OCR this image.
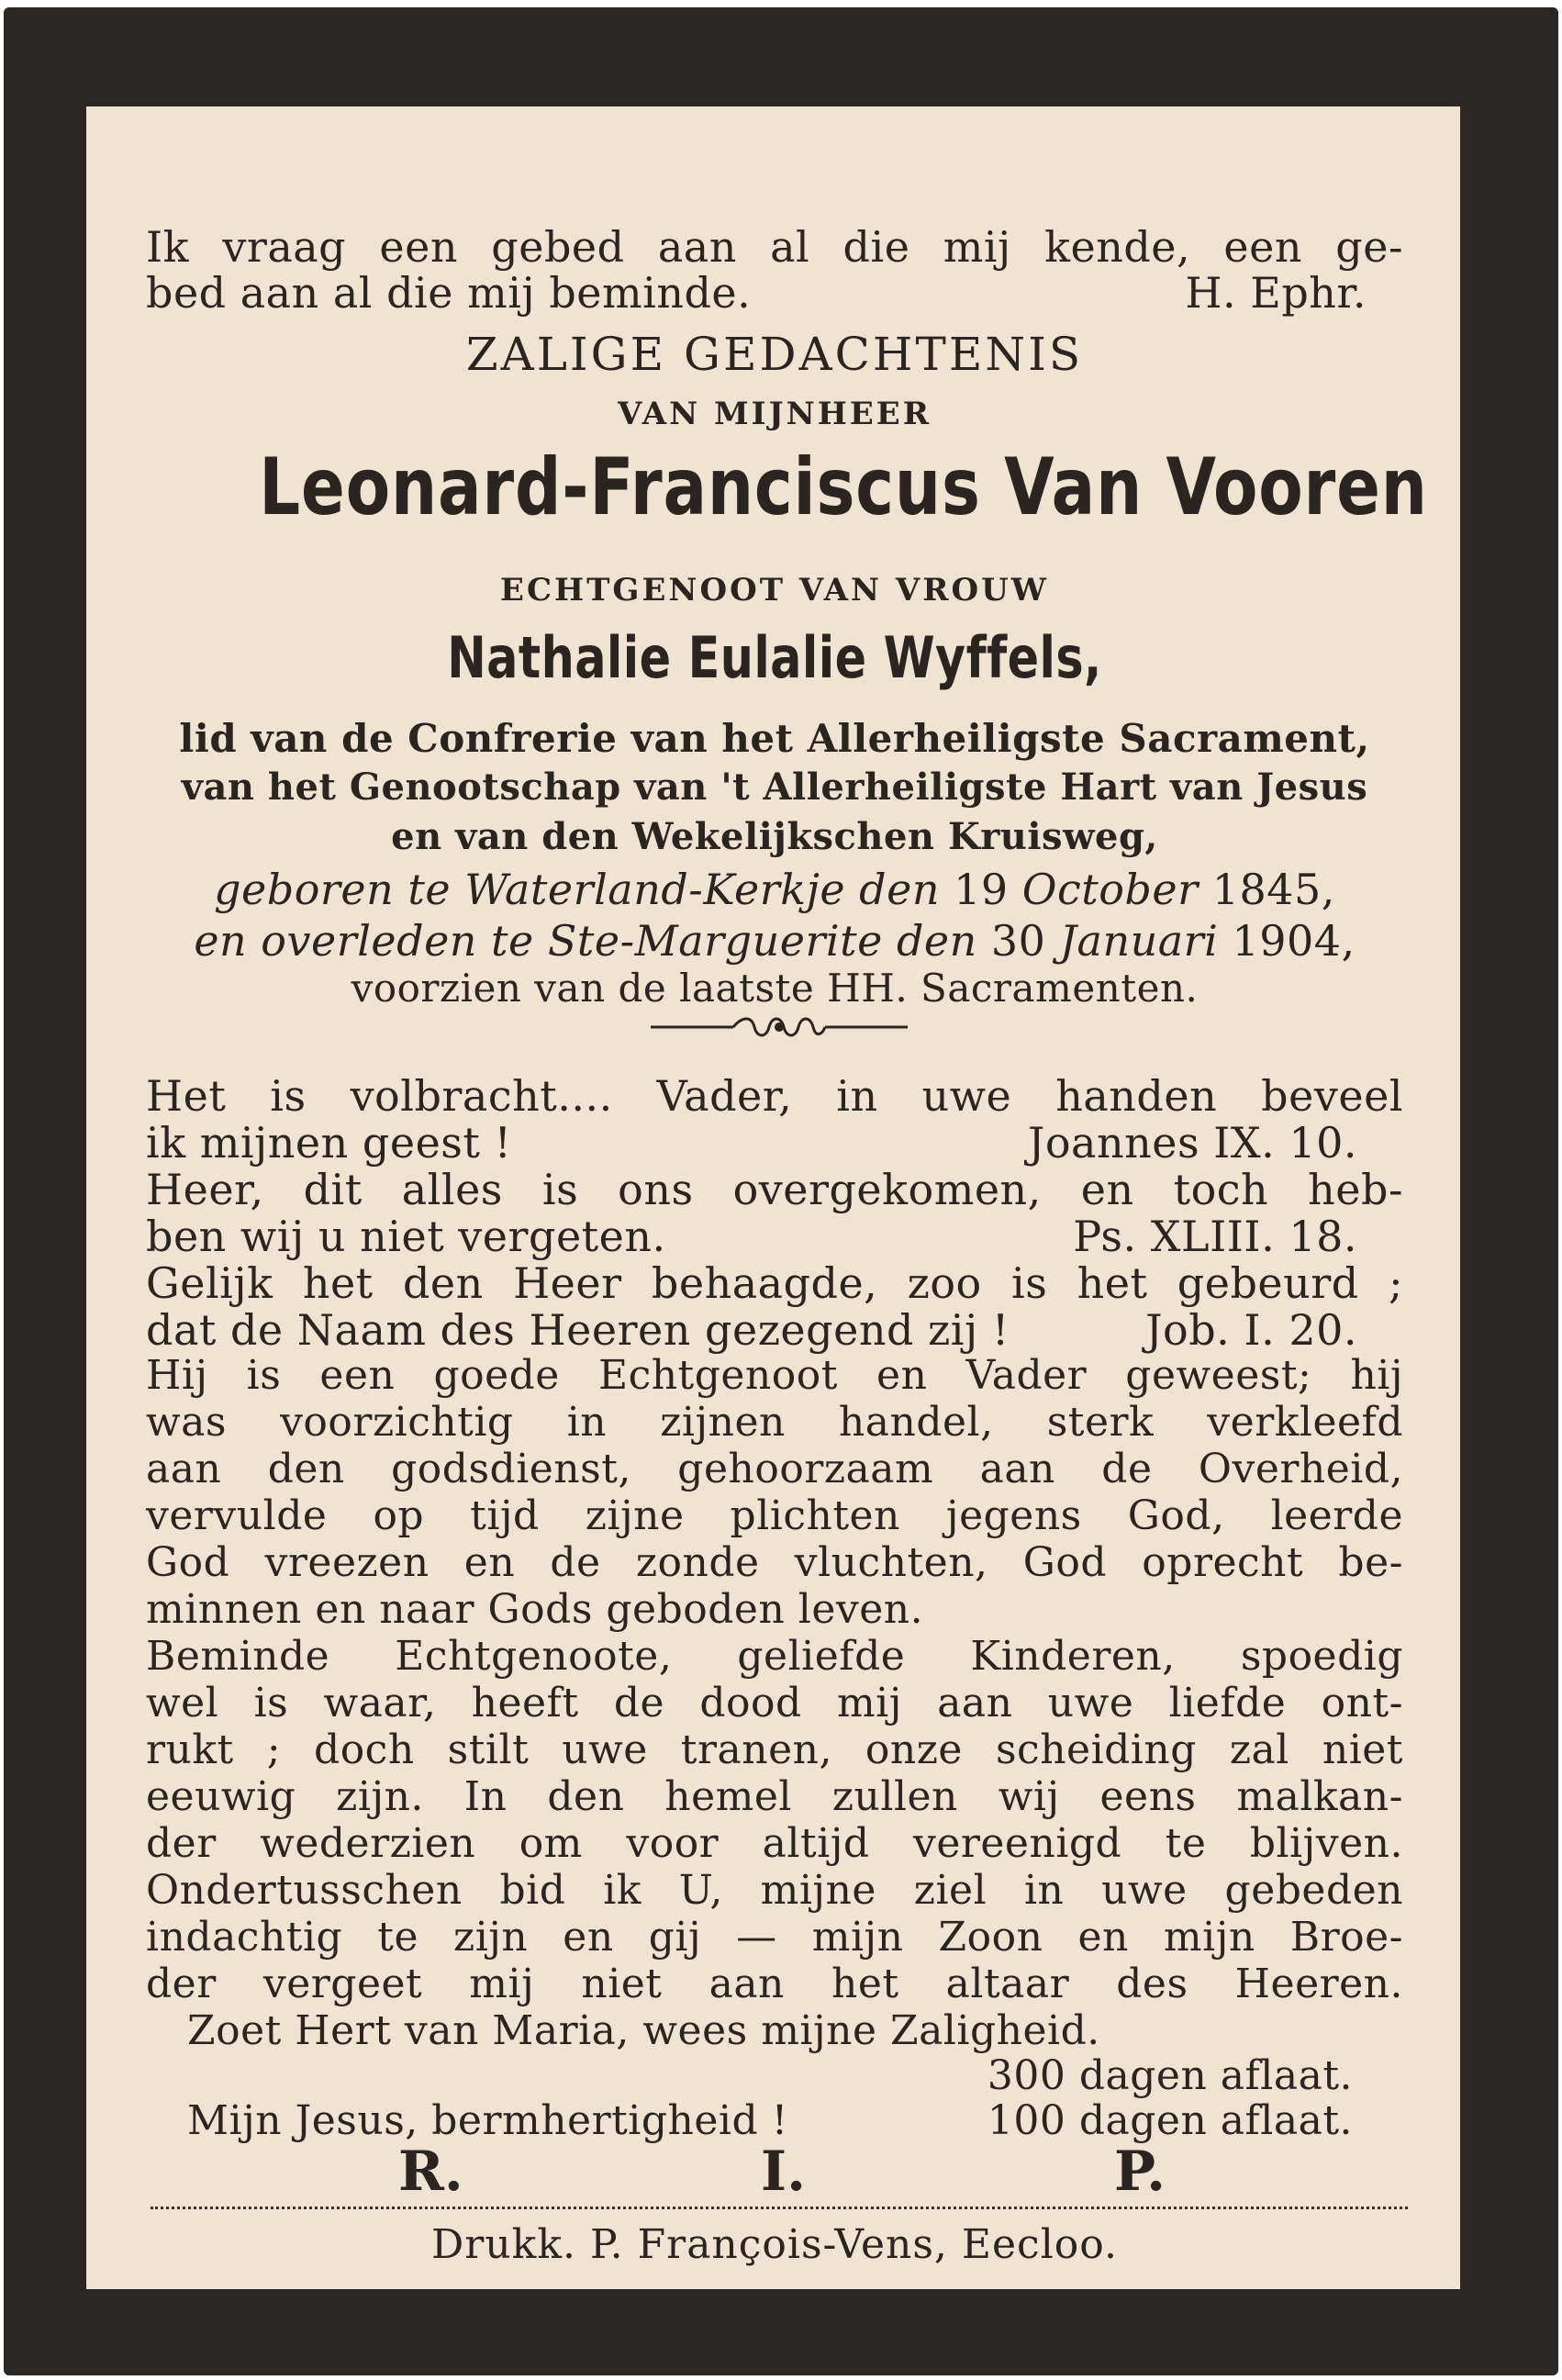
Ik vraag een gebed aan al die mij kende, een ge-
bed aan al die mij beminde.	H. Ephr.
ZALIGE GEDACHTENIS
VAN MIJNHEER
Leonard-Franciscus Van Vooren
ECHTGENOOT VAN VROUW
Nathalie Eulalie Wyffels,
lid van de Confrerie van het Allerheiligste Sacrament,
van het Genootschap van 't Allerheiligste Hart van Jesus
en van den Wekelijkschen Kruisweg,
geboren te Waterland-Kerkje den 19 October 1845,
en overleden te Ste-Marguerite den 30 Januari 1904,
voorzien van de laatste HH. Sacramenten.
Het is volbracht.... Vader, in uwe handen beveel
ik mijnen geest !	Joannes IX. 10.
Heer, dit alles is ons overgekomen, en toch heb-
ben wij u niet vergeten.	Ps. XLIII. 18.
Gelijk het den Heer behaagde, zoo is het gebeurd ;
dat de Naam des Heeren gezegend zij !	Job. I. 20.
Hij is een goede Echtgenoot en Vader geweest; hij
was voorzichtig in zijnen handel, sterk verkleefd
aan den godsdienst, gehoorzaam aan de Overheid,
vervulde op tijd zijne plichten jegens God, leerde
God vreezen en de zonde vluchten, God oprecht be-
minnen en naar Gods geboden leven.
Beminde Echtgenoote, geliefde Kinderen, spoedig
wel is waar, heeft de dood mij aan uwe liefde ont-
rukt ; doch stilt uwe tranen, onze scheiding zal niet
eeuwig zijn. In den hemel zullen wij eens malkan-
der wederzien om voor altijd vereenigd te blijven.
Ondertusschen bid ik U, mijne ziel in uwe gebeden
indachtig te zijn en gij — mijn Zoon en mijn Broe-
der vergeet mij niet aan het altaar des Heeren.
Zoet Hert van Maria, wees mijne Zaligheid.
300 dagen aflaat.
Mijn Jesus, bermhertigheid !	100 dagen aflaat.
R.	I.	P.
Drukk. P. François-Vens, Eecloo.
